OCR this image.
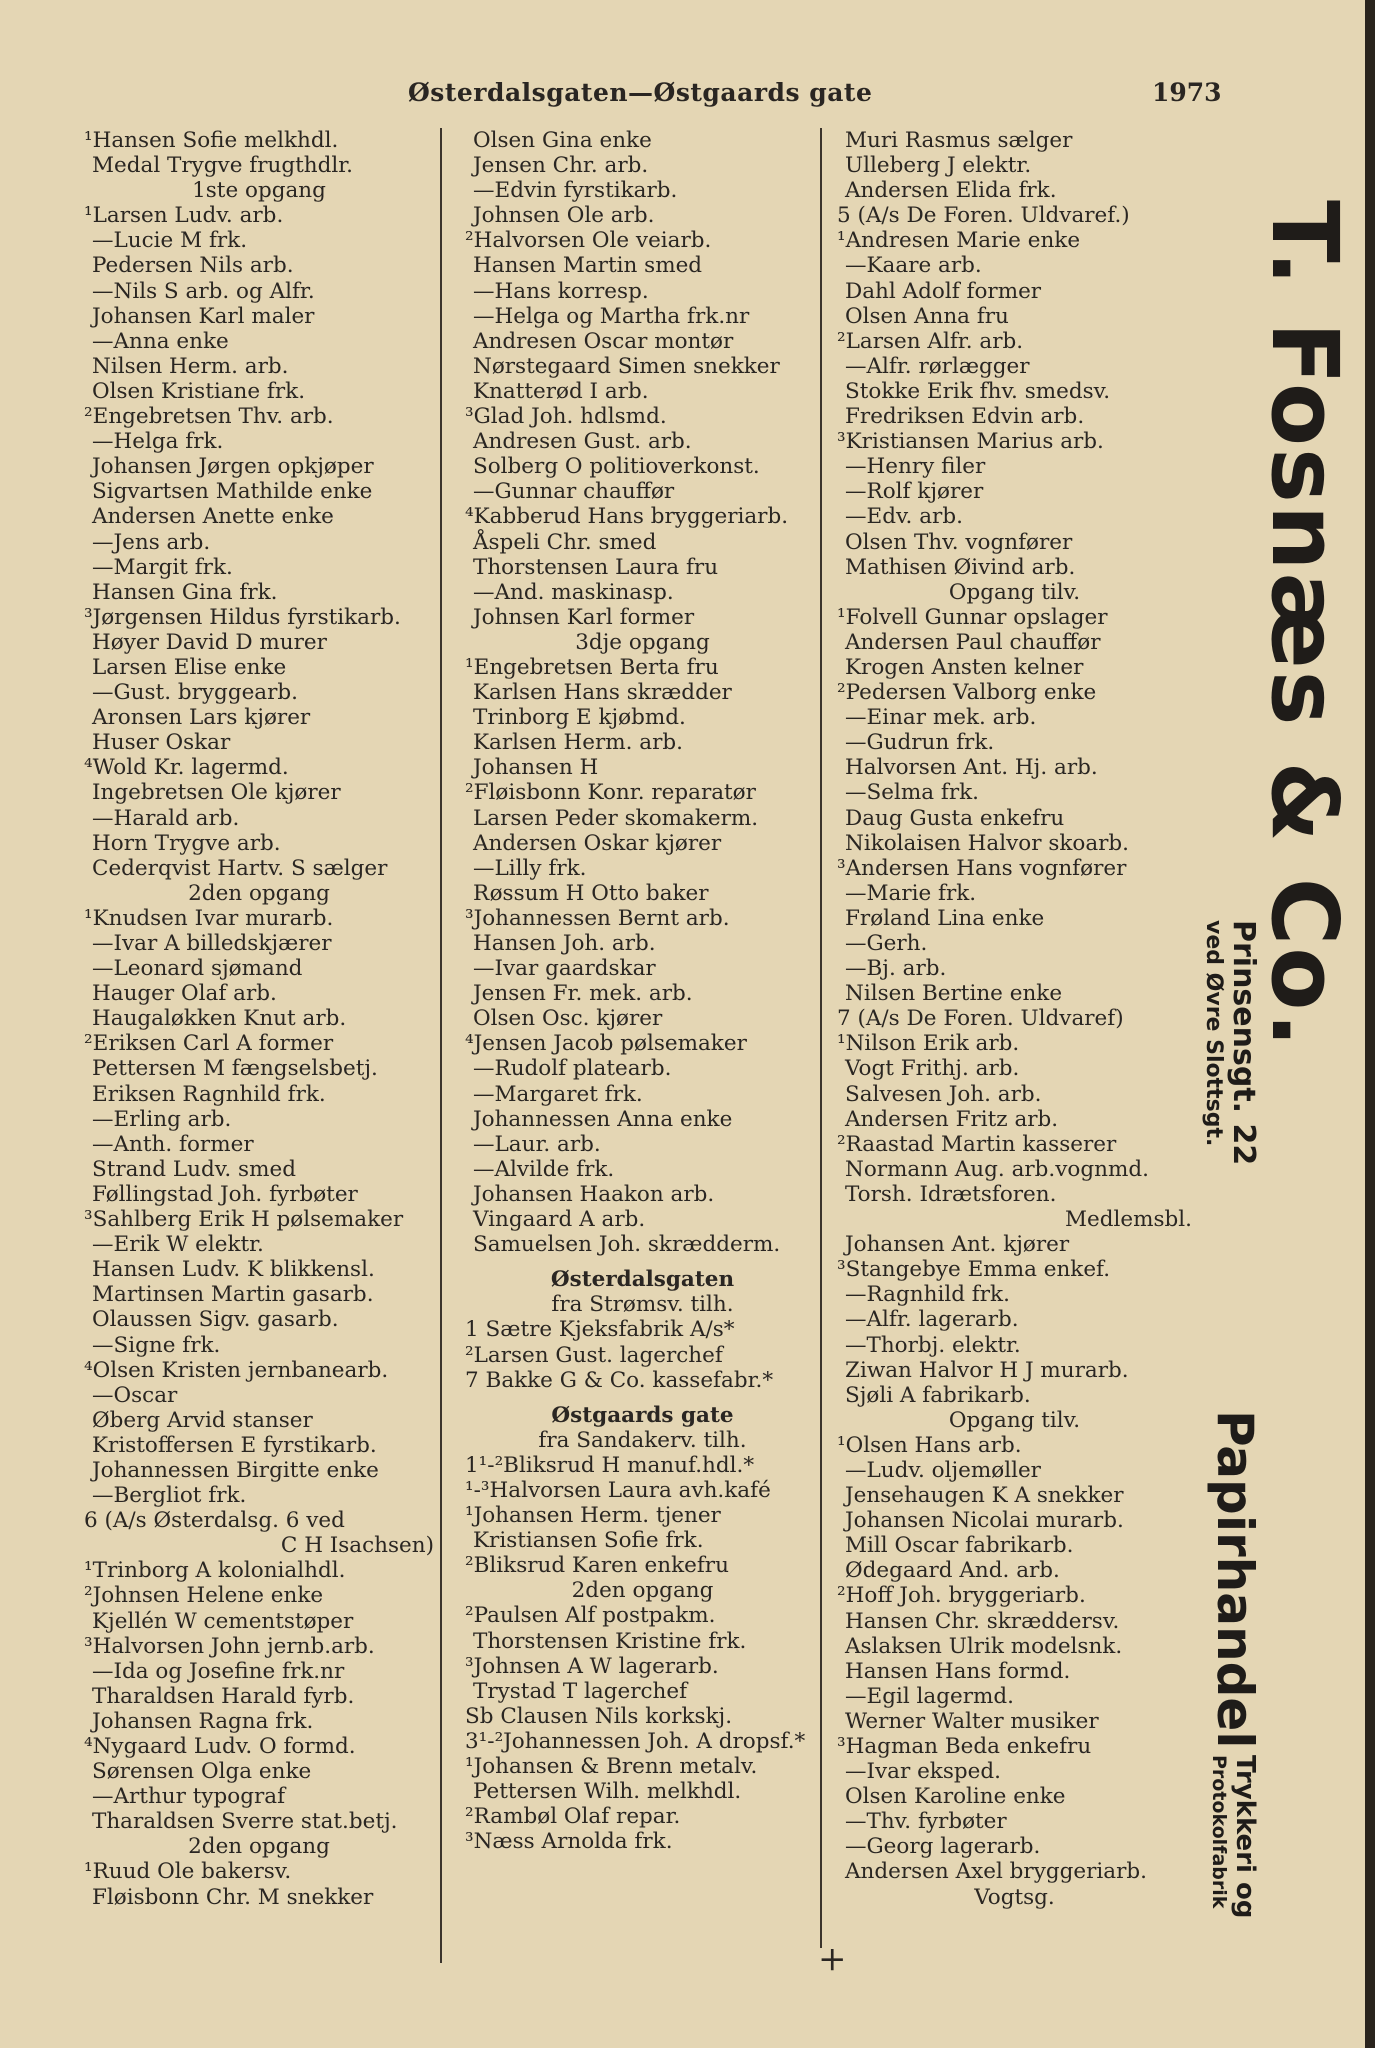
Østerdalsgaten—Østgaards gate	1973
¹Hansen Sofie melkhdl.
Medal Trygve frugthdlr.
1ste opgang
¹Larsen Ludv. arb.
—Lucie M frk.
Pedersen Nils arb.
—Nils S arb. og Alfr.
Johansen Karl maler
—Anna enke
Nilsen Herm. arb.
Olsen Kristiane frk.
²Engebretsen Thv. arb.
—Helga frk.
Johansen Jørgen opkjøper
Sigvartsen Mathilde enke
Andersen Anette enke
—Jens arb.
—Margit frk.
Hansen Gina frk.
³Jørgensen Hildus fyrstikarb.
Høyer David D murer
Larsen Elise enke
—Gust. bryggearb.
Aronsen Lars kjører
Huser Oskar
⁴Wold Kr. lagermd.
Ingebretsen Ole kjører
—Harald arb.
Horn Trygve arb.
Cederqvist Hartv. S sælger
2den opgang
¹Knudsen Ivar murarb.
—Ivar A billedskjærer
—Leonard sjømand
Hauger Olaf arb.
Haugaløkken Knut arb.
²Eriksen Carl A former
Pettersen M fængselsbetj.
Eriksen Ragnhild frk.
—Erling arb.
—Anth. former
Strand Ludv. smed
Føllingstad Joh. fyrbøter
³Sahlberg Erik H pølsemaker
—Erik W elektr.
Hansen Ludv. K blikkensl.
Martinsen Martin gasarb.
Olaussen Sigv. gasarb.
—Signe frk.
⁴Olsen Kristen jernbanearb.
—Oscar
Øberg Arvid stanser
Kristoffersen E fyrstikarb.
Johannessen Birgitte enke
—Bergliot frk.
6 (A/s Østerdalsg. 6 ved
C H Isachsen)
¹Trinborg A kolonialhdl.
²Johnsen Helene enke
Kjellén W cementstøper
³Halvorsen John jernb.arb.
—Ida og Josefine frk.nr
Tharaldsen Harald fyrb.
Johansen Ragna frk.
⁴Nygaard Ludv. O formd.
Sørensen Olga enke
—Arthur typograf
Tharaldsen Sverre stat.betj.
2den opgang
¹Ruud Ole bakersv.
Fløisbonn Chr. M snekker
Olsen Gina enke
Jensen Chr. arb.
—Edvin fyrstikarb.
Johnsen Ole arb.
²Halvorsen Ole veiarb.
Hansen Martin smed
—Hans korresp.
—Helga og Martha frk.nr
Andresen Oscar montør
Nørstegaard Simen snekker
Knatterød I arb.
³Glad Joh. hdlsmd.
Andresen Gust. arb.
Solberg O politioverkonst.
—Gunnar chauffør
⁴Kabberud Hans bryggeriarb.
Åspeli Chr. smed
Thorstensen Laura fru
—And. maskinasp.
Johnsen Karl former
3dje opgang
¹Engebretsen Berta fru
Karlsen Hans skrædder
Trinborg E kjøbmd.
Karlsen Herm. arb.
Johansen H
²Fløisbonn Konr. reparatør
Larsen Peder skomakerm.
Andersen Oskar kjører
—Lilly frk.
Røssum H Otto baker
³Johannessen Bernt arb.
Hansen Joh. arb.
—Ivar gaardskar
Jensen Fr. mek. arb.
Olsen Osc. kjører
⁴Jensen Jacob pølsemaker
—Rudolf platearb.
—Margaret frk.
Johannessen Anna enke
—Laur. arb.
—Alvilde frk.
Johansen Haakon arb.
Vingaard A arb.
Samuelsen Joh. skrædderm.
Østerdalsgaten
fra Strømsv. tilh.
1 Sætre Kjeksfabrik A/s*
²Larsen Gust. lagerchef
7 Bakke G & Co. kassefabr.*
Østgaards gate
fra Sandakerv. tilh.
1¹-²Bliksrud H manuf.hdl.*
¹-³Halvorsen Laura avh.kafé
¹Johansen Herm. tjener
Kristiansen Sofie frk.
²Bliksrud Karen enkefru
2den opgang
²Paulsen Alf postpakm.
Thorstensen Kristine frk.
³Johnsen A W lagerarb.
Trystad T lagerchef
Sb Clausen Nils korkskj.
3¹-²Johannessen Joh. A dropsf.*
¹Johansen & Brenn metalv.
Pettersen Wilh. melkhdl.
²Rambøl Olaf repar.
³Næss Arnolda frk.
Muri Rasmus sælger
Ulleberg J elektr.
Andersen Elida frk.
5 (A/s De Foren. Uldvaref.)
¹Andresen Marie enke
—Kaare arb.
Dahl Adolf former
Olsen Anna fru
²Larsen Alfr. arb.
—Alfr. rørlægger
Stokke Erik fhv. smedsv.
Fredriksen Edvin arb.
³Kristiansen Marius arb.
—Henry filer
—Rolf kjører
—Edv. arb.
Olsen Thv. vognfører
Mathisen Øivind arb.
Opgang tilv.
¹Folvell Gunnar opslager
Andersen Paul chauffør
Krogen Ansten kelner
²Pedersen Valborg enke
—Einar mek. arb.
—Gudrun frk.
Halvorsen Ant. Hj. arb.
—Selma frk.
Daug Gusta enkefru
Nikolaisen Halvor skoarb.
³Andersen Hans vognfører
—Marie frk.
Frøland Lina enke
—Gerh.
—Bj. arb.
Nilsen Bertine enke
7 (A/s De Foren. Uldvaref)
¹Nilson Erik arb.
Vogt Frithj. arb.
Salvesen Joh. arb.
Andersen Fritz arb.
²Raastad Martin kasserer
Normann Aug. arb.vognmd.
Torsh. Idrætsforen.
Medlemsbl.
Johansen Ant. kjører
³Stangebye Emma enkef.
—Ragnhild frk.
—Alfr. lagerarb.
—Thorbj. elektr.
Ziwan Halvor H J murarb.
Sjøli A fabrikarb.
Opgang tilv.
¹Olsen Hans arb.
—Ludv. oljemøller
Jensehaugen K A snekker
Johansen Nicolai murarb.
Mill Oscar fabrikarb.
Ødegaard And. arb.
²Hoff Joh. bryggeriarb.
Hansen Chr. skræddersv.
Aslaksen Ulrik modelsnk.
Hansen Hans formd.
—Egil lagermd.
Werner Walter musiker
³Hagman Beda enkefru
—Ivar eksped.
Olsen Karoline enke
—Thv. fyrbøter
—Georg lagerarb.
Andersen Axel bryggeriarb.
Vogtsg.
+
T. Fosnæs & Co.
Prinsensgt. 22
ved Øvre Slottsgt.
Papirhandel
Trykkeri og
Protokolfabrik
